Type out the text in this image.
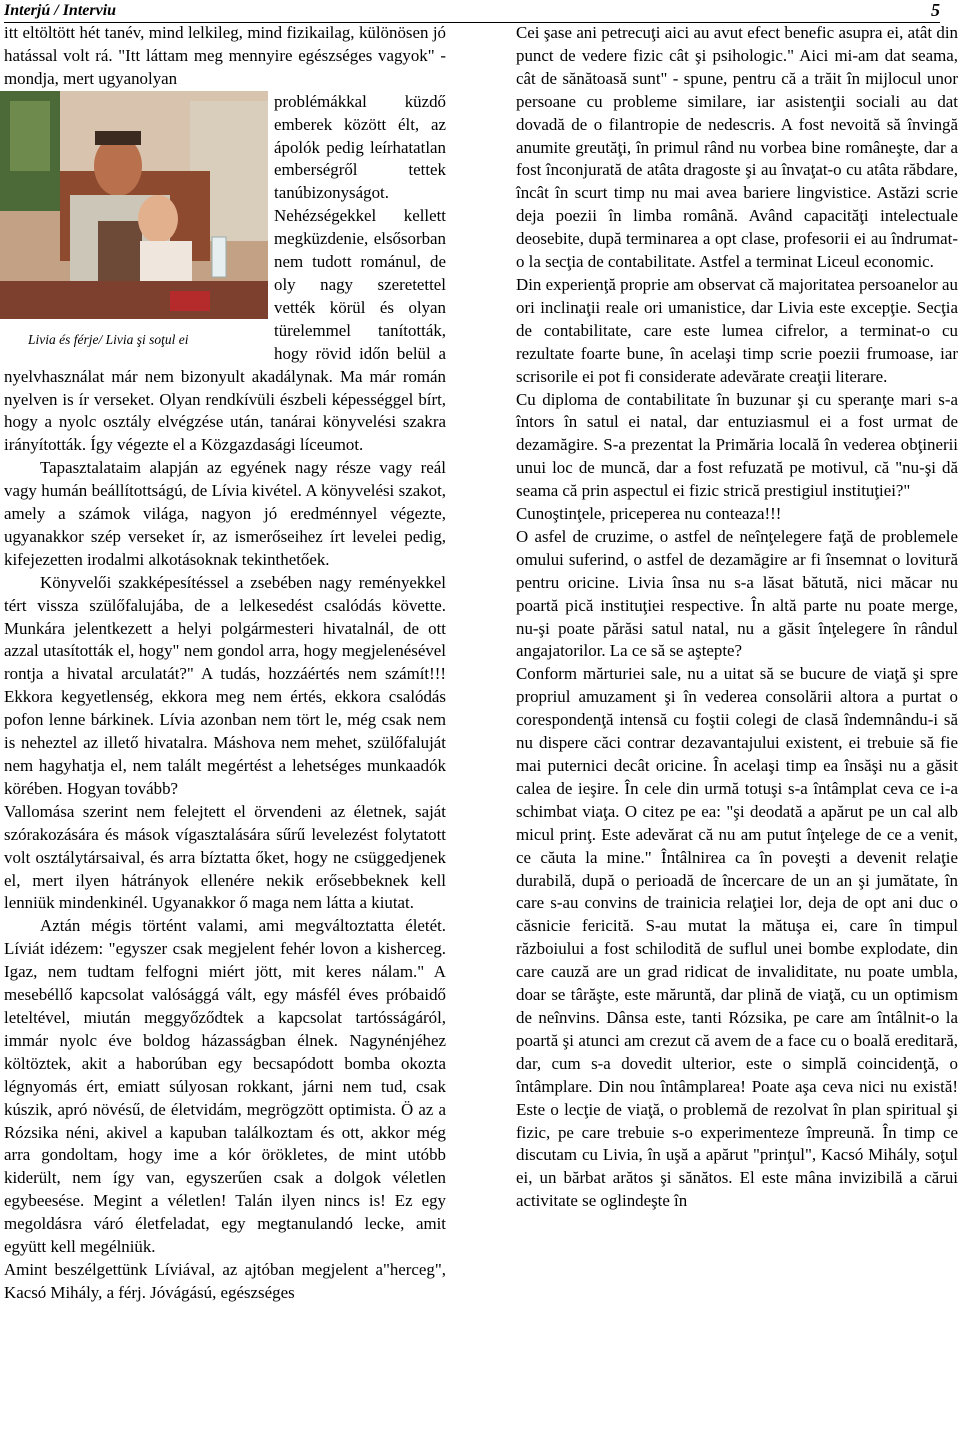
Interjú / Interviu	5

itt eltöltött hét tanév, mind lelkileg, mind fizikailag, különösen jó hatással volt rá. "Itt láttam meg mennyire egészséges vagyok" - mondja, mert ugyanolyan

Livia és férje/ Livia şi soţul ei

problémákkal küzdő emberek között élt, az ápolók pedig leírhatatlan emberségről tettek tanúbizonyságot. Nehézségekkel kellett megküzdenie, elsősorban nem tudott románul, de oly nagy szeretettel vették körül és olyan türelemmel tanították, hogy rövid időn belül a nyelvhasználat már nem bizonyult akadálynak. Ma már román nyelven is ír verseket. Olyan rendkívüli észbeli képességgel bírt, hogy a nyolc osztály elvégzése után, tanárai könyvelési szakra irányították. Így végezte el a Közgazdasági líceumot.

Tapasztalataim alapján az egyének nagy része vagy reál vagy humán beállítottságú, de Lívia kivétel. A könyvelési szakot, amely a számok világa, nagyon jó eredménnyel végezte, ugyanakkor szép verseket ír, az ismerőseihez írt levelei pedig, kifejezetten irodalmi alkotásoknak tekinthetőek.

Könyvelői szakképesítéssel a zsebében nagy reményekkel tért vissza szülőfalujába, de a lelkesedést csalódás követte. Munkára jelentkezett a helyi polgármesteri hivatalnál, de ott azzal utasították el, hogy" nem gondol arra, hogy megjelenésével rontja a hivatal arculatát?" A tudás, hozzáértés nem számít!!! Ekkora kegyetlenség, ekkora meg nem értés, ekkora csalódás pofon lenne bárkinek. Lívia azonban nem tört le, még csak nem is neheztel az illető hivatalra. Máshova nem mehet, szülőfaluját nem hagyhatja el, nem talált megértést a lehetséges munkaadók körében. Hogyan tovább?

Vallomása szerint nem felejtett el örvendeni az életnek, saját szórakozására és mások vígasztalására sűrű levelezést folytatott volt osztálytársaival, és arra bíztatta őket, hogy ne csüggedjenek el, mert ilyen hátrányok ellenére nekik erősebbeknek kell lenniük mindenkinél. Ugyanakkor ő maga nem látta a kiutat.

Aztán mégis történt valami, ami megváltoztatta életét. Líviát idézem: "egyszer csak megjelent fehér lovon a kisherceg. Igaz, nem tudtam felfogni miért jött, mit keres nálam." A mesebéllő kapcsolat valósággá vált, egy másfél éves próbaidő leteltével, miután meggyőződtek a kapcsolat tartósságáról, immár nyolc éve boldog házasságban élnek. Nagynénjéhez költöztek, akit a haborúban egy becsapódott bomba okozta légnyomás ért, emiatt súlyosan rokkant, járni nem tud, csak kúszik, apró növésű, de életvidám, megrögzött optimista. Ö az a Rózsika néni, akivel a kapuban találkoztam és ott, akkor még arra gondoltam, hogy ime a kór örökletes, de mint utóbb kiderült, nem így van, egyszerűen csak a dolgok véletlen egybeesése. Megint a véletlen! Talán ilyen nincs is! Ez egy megoldásra váró életfeladat, egy megtanulandó lecke, amit együtt kell megélniük.

Amint beszélgettünk Líviával, az ajtóban megjelent a"herceg", Kacsó Mihály, a férj. Jóvágású, egészséges

Cei şase ani petrecuţi aici au avut efect benefic asupra ei, atât din punct de vedere fizic cât şi psihologic." Aici mi-am dat seama, cât de sănătoasă sunt" - spune, pentru că a trăit în mijlocul unor persoane cu probleme similare, iar asistenţii sociali au dat dovadă de o filantropie de nedescris. A fost nevoită să învingă anumite greutăţi, în primul rând nu vorbea bine româneşte, dar a fost înconjurată de atâta dragoste şi au învaţat-o cu atâta răbdare, încât în scurt timp nu mai avea bariere lingvistice. Astăzi scrie deja poezii în limba română. Având capacităţi intelectuale deosebite, după terminarea a opt clase, profesorii ei au îndrumat-o la secţia de contabilitate. Astfel a terminat Liceul economic.

Din experienţă proprie am observat că majoritatea persoanelor au ori inclinaţii reale ori umanistice, dar Livia este excepţie. Secţia de contabilitate, care este lumea cifrelor, a terminat-o cu rezultate foarte bune, în acelaşi timp scrie poezii frumoase, iar scrisorile ei pot fi considerate adevărate creaţii literare.

Cu diploma de contabilitate în buzunar şi cu speranţe mari s-a întors în satul ei natal, dar entuziasmul ei a fost urmat de dezamăgire. S-a prezentat la Primăria locală în vederea obţinerii unui loc de muncă, dar a fost refuzată pe motivul, că "nu-şi dă seama că prin aspectul ei fizic strică prestigiul instituţiei?"

Cunoştinţele, priceperea nu conteaza!!!

O asfel de cruzime, o astfel de neînţelegere faţă de problemele omului suferind, o astfel de dezamăgire ar fi însemnat o lovitură pentru oricine. Livia însa nu s-a lăsat bătută, nici măcar nu poartă pică instituţiei respective. În altă parte nu poate merge, nu-şi poate părăsi satul natal, nu a găsit înţelegere în rândul angajatorilor. La ce să se aştepte?

Conform mărturiei sale, nu a uitat să se bucure de viaţă şi spre propriul amuzament şi în vederea consolării altora a purtat o corespondenţă intensă cu foştii colegi de clasă îndemnându-i să nu dispere căci contrar dezavantajului existent, ei trebuie să fie mai puternici decât oricine. În acelaşi timp ea însăşi nu a găsit calea de ieşire. În cele din urmă totuşi s-a întâmplat ceva ce i-a schimbat viaţa. O citez pe ea: "şi deodată a apărut pe un cal alb micul prinţ. Este adevărat că nu am putut înţelege de ce a venit, ce căuta la mine." Întâlnirea ca în poveşti a devenit relaţie durabilă, după o perioadă de încercare de un an şi jumătate, în care s-au convins de trainicia relaţiei lor, deja de opt ani duc o căsnicie fericită. S-au mutat la mătuşa ei, care în timpul războiului a fost schilodită de suflul unei bombe explodate, din care cauză are un grad ridicat de invaliditate, nu poate umbla, doar se târăşte, este măruntă, dar plină de viaţă, cu un optimism de neînvins. Dânsa este, tanti Rózsika, pe care am întâlnit-o la poartă şi atunci am crezut că avem de a face cu o boală ereditară, dar, cum s-a dovedit ulterior, este o simplă coincidenţă, o întâmplare. Din nou întâmplarea! Poate aşa ceva nici nu există! Este o lecţie de viaţă, o problemă de rezolvat în plan spiritual şi fizic, pe care trebuie s-o experimenteze împreună. În timp ce discutam cu Livia, în uşă a apărut "prinţul", Kacsó Mihály, soţul ei, un bărbat arătos şi sănătos. El este mâna invizibilă a cărui activitate se oglindeşte în
